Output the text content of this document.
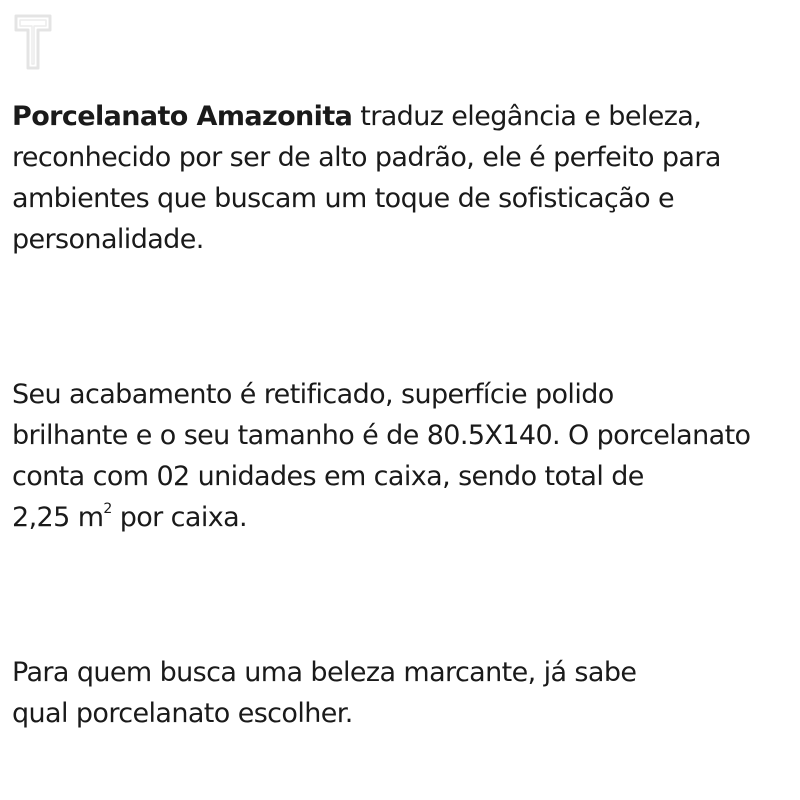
Porcelanato Amazonita traduz elegância e beleza,
reconhecido por ser de alto padrão, ele é perfeito para
ambientes que buscam um toque de sofisticação e
personalidade.
Seu acabamento é retificado, superfície polido
brilhante e o seu tamanho é de 80.5X140. O porcelanato
conta com 02 unidades em caixa, sendo total de
2,25 $m^2$ por caixa.
Para quem busca uma beleza marcante, já sabe
qual porcelanato escolher.
